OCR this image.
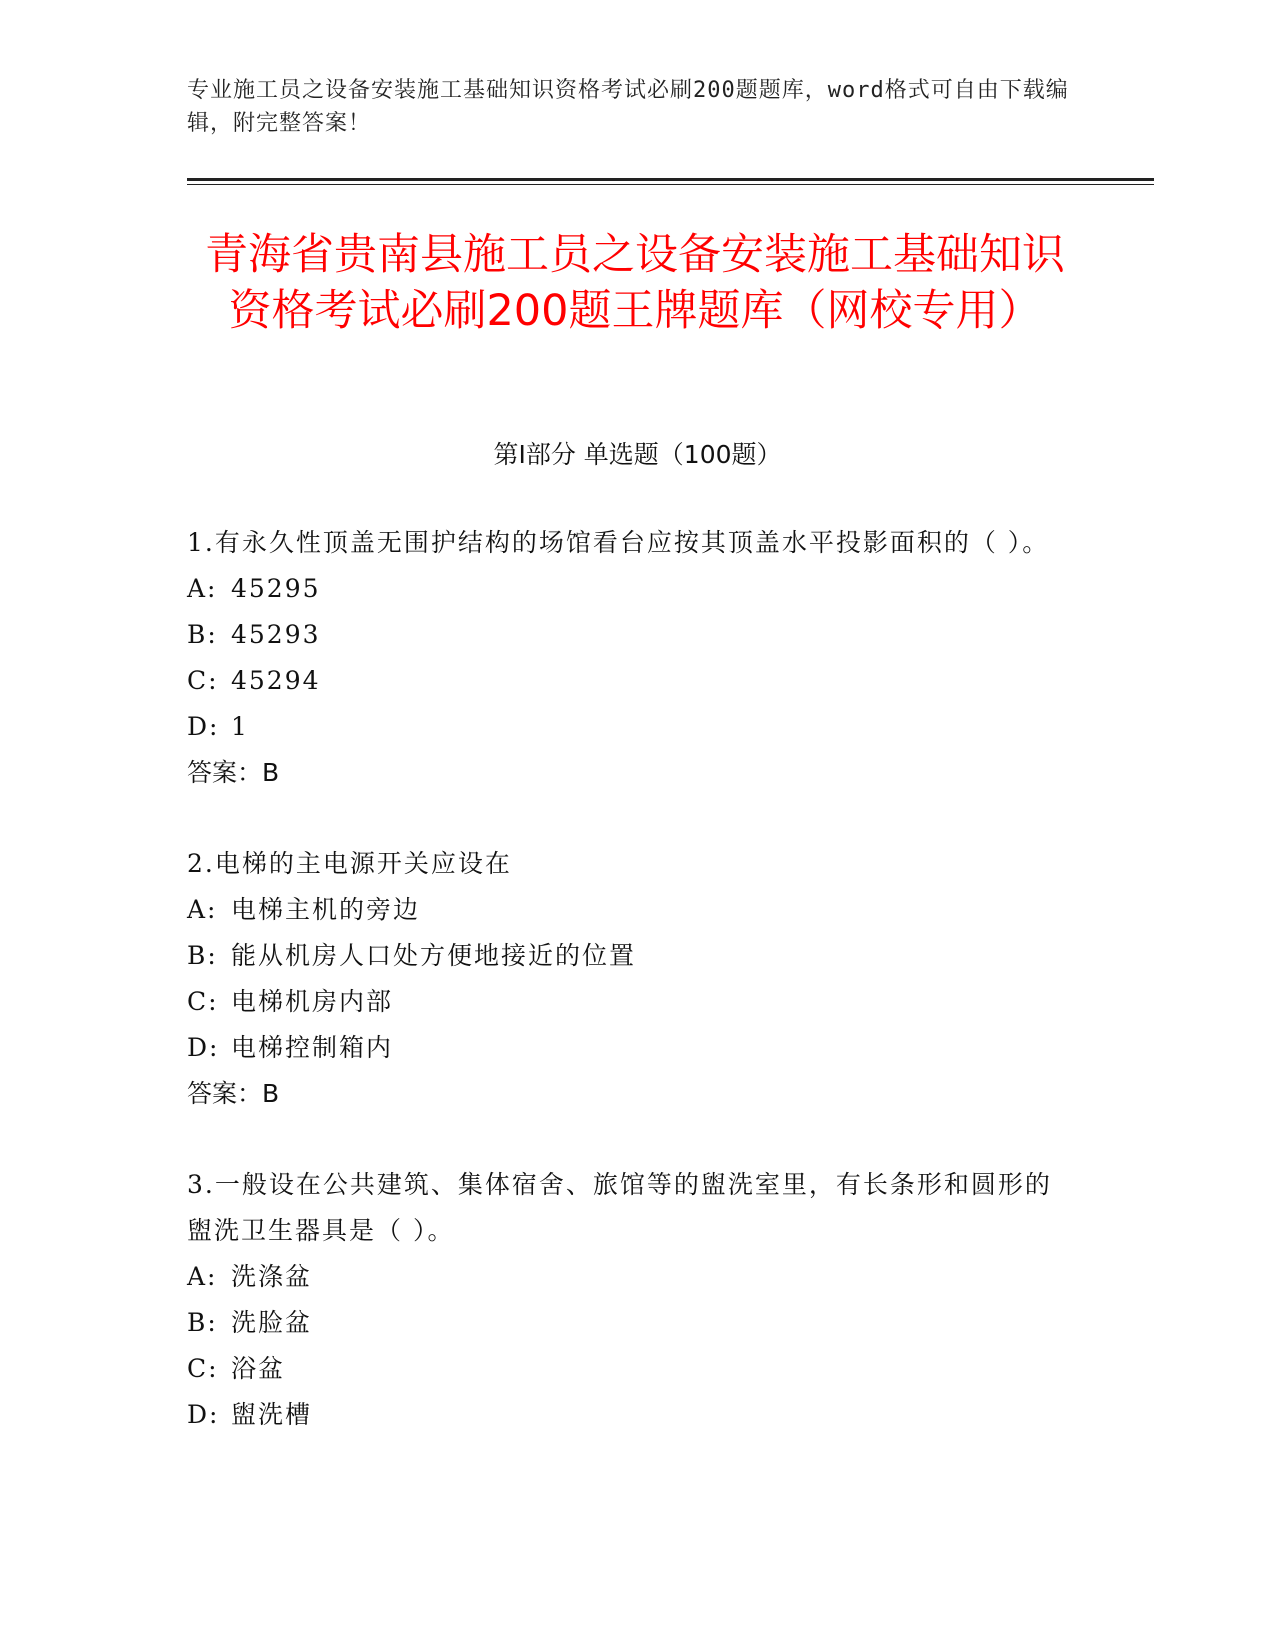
专业施工员之设备安装施工基础知识资格考试必刷200题题库，word格式可自由下载编辑，附完整答案！
青海省贵南县施工员之设备安装施工基础知识资格考试必刷200题王牌题库（网校专用）
第I部分 单选题（100题）
1.有永久性顶盖无围护结构的场馆看台应按其顶盖水平投影面积的（ ）。
A: 45295
B: 45293
C: 45294
D: 1
答案：B
2.电梯的主电源开关应设在
A: 电梯主机的旁边
B: 能从机房人口处方便地接近的位置
C: 电梯机房内部
D: 电梯控制箱内
答案：B
3.一般设在公共建筑、集体宿舍、旅馆等的盥洗室里，有长条形和圆形的盥洗卫生器具是（ ）。
A: 洗涤盆
B: 洗脸盆
C: 浴盆
D: 盥洗槽
